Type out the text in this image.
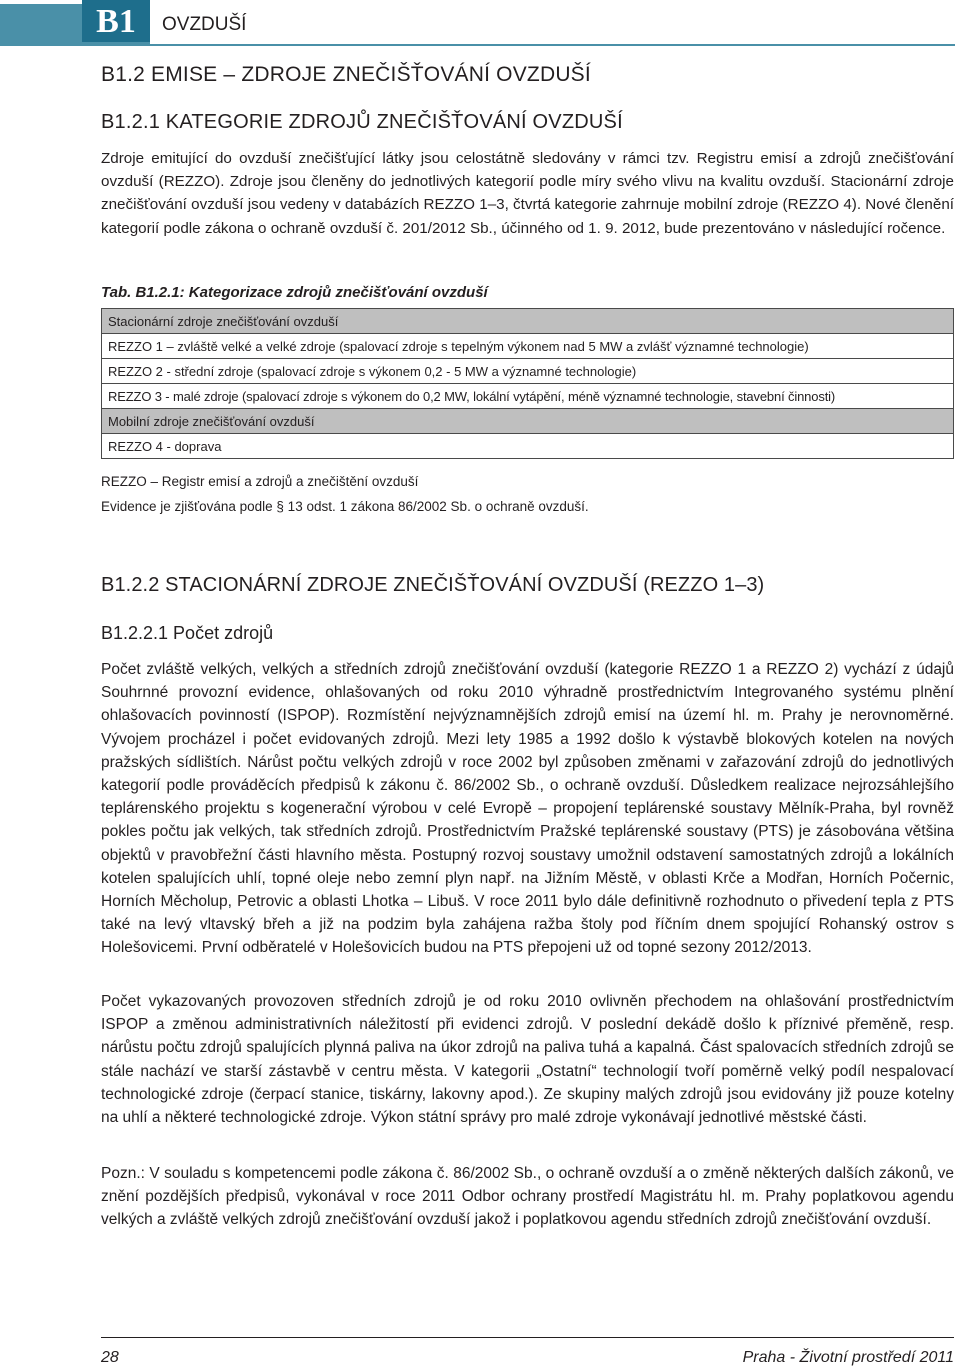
B1	OVZDUŠÍ
B1.2 EMISE – ZDROJE ZNEČIŠŤOVÁNÍ OVZDUŠÍ
B1.2.1 KATEGORIE ZDROJŮ ZNEČIŠŤOVÁNÍ OVZDUŠÍ

Zdroje emitující do ovzduší znečišťující látky jsou celostátně sledovány v rámci tzv. Registru emisí a zdrojů znečišťování ovzduší (REZZO). Zdroje jsou členěny do jednotlivých kategorií podle míry svého vlivu na kvalitu ovzduší. Stacionární zdroje znečišťování ovzduší jsou vedeny v databázích REZZO 1–3, čtvrtá kategorie zahrnuje mobilní zdroje (REZZO 4). Nové členění kategorií podle zákona o ochraně ovzduší č. 201/2012 Sb., účinného od 1. 9. 2012, bude prezentováno v následující ročence.

Tab. B1.2.1: Kategorizace zdrojů znečišťování ovzduší
Stacionární zdroje znečišťování ovzduší
REZZO 1 – zvláště velké a velké zdroje (spalovací zdroje s tepelným výkonem nad 5 MW a zvlášť významné technologie)
REZZO 2 - střední zdroje (spalovací zdroje s výkonem 0,2 - 5 MW a významné technologie)
REZZO 3 - malé zdroje (spalovací zdroje s výkonem do 0,2 MW, lokální vytápění, méně významné technologie, stavební činnosti)
Mobilní zdroje znečišťování ovzduší
REZZO 4 - doprava
REZZO – Registr emisí a zdrojů a znečištění ovzduší
Evidence je zjišťována podle § 13 odst. 1 zákona 86/2002 Sb. o ochraně ovzduší.
B1.2.2 STACIONÁRNÍ ZDROJE ZNEČIŠŤOVÁNÍ OVZDUŠÍ (REZZO 1–3)
B1.2.2.1 Počet zdrojů

Počet zvláště velkých, velkých a středních zdrojů znečišťování ovzduší (kategorie REZZO 1 a REZZO 2) vychází z údajů Souhrnné provozní evidence, ohlašovaných od roku 2010 výhradně prostřednictvím Integrovaného systému plnění ohlašovacích povinností (ISPOP). Rozmístění nejvýznamnějších zdrojů emisí na území hl. m. Prahy je nerovnoměrné. Vývojem procházel i počet evidovaných zdrojů. Mezi lety 1985 a 1992 došlo k výstavbě blokových kotelen na nových pražských sídlištích. Nárůst počtu velkých zdrojů v roce 2002 byl způsoben změnami v zařazování zdrojů do jednotlivých kategorií podle prováděcích předpisů k zákonu č. 86/2002 Sb., o ochraně ovzduší. Důsledkem realizace nejrozsáhlejšího teplárenského projektu s kogenerační výrobou v celé Evropě – propojení teplárenské soustavy Mělník-Praha, byl rovněž pokles počtu jak velkých, tak středních zdrojů. Prostřednictvím Pražské teplárenské soustavy (PTS) je zásobována většina objektů v pravobřežní části hlavního města. Postupný rozvoj soustavy umožnil odstavení samostatných zdrojů a lokálních kotelen spalujících uhlí, topné oleje nebo zemní plyn např. na Jižním Městě, v oblasti Krče a Modřan, Horních Počernic, Horních Měcholup, Petrovic a oblasti Lhotka – Libuš. V roce 2011 bylo dále definitivně rozhodnuto o přivedení tepla z PTS také na levý vltavský břeh a již na podzim byla zahájena ražba štoly pod říčním dnem spojující Rohanský ostrov s Holešovicemi. První odběratelé v Holešovicích budou na PTS přepojeni už od topné sezony 2012/2013.

Počet vykazovaných provozoven středních zdrojů je od roku 2010 ovlivněn přechodem na ohlašování prostřednictvím ISPOP a změnou administrativních náležitostí při evidenci zdrojů. V poslední dekádě došlo k příznivé přeměně, resp. nárůstu počtu zdrojů spalujících plynná paliva na úkor zdrojů na paliva tuhá a kapalná. Část spalovacích středních zdrojů se stále nachází ve starší zástavbě v centru města. V kategorii „Ostatní“ technologií tvoří poměrně velký podíl nespalovací technologické zdroje (čerpací stanice, tiskárny, lakovny apod.). Ze skupiny malých zdrojů jsou evidovány již pouze kotelny na uhlí a některé technologické zdroje. Výkon státní správy pro malé zdroje vykonávají jednotlivé městské části.

Pozn.: V souladu s kompetencemi podle zákona č. 86/2002 Sb., o ochraně ovzduší a o změně některých dalších zákonů, ve znění pozdějších předpisů, vykonával v roce 2011 Odbor ochrany prostředí Magistrátu hl. m. Prahy poplatkovou agendu velkých a zvláště velkých zdrojů znečišťování ovzduší jakož i poplatkovou agendu středních zdrojů znečišťování ovzduší.

28	Praha - Životní prostředí 2011
